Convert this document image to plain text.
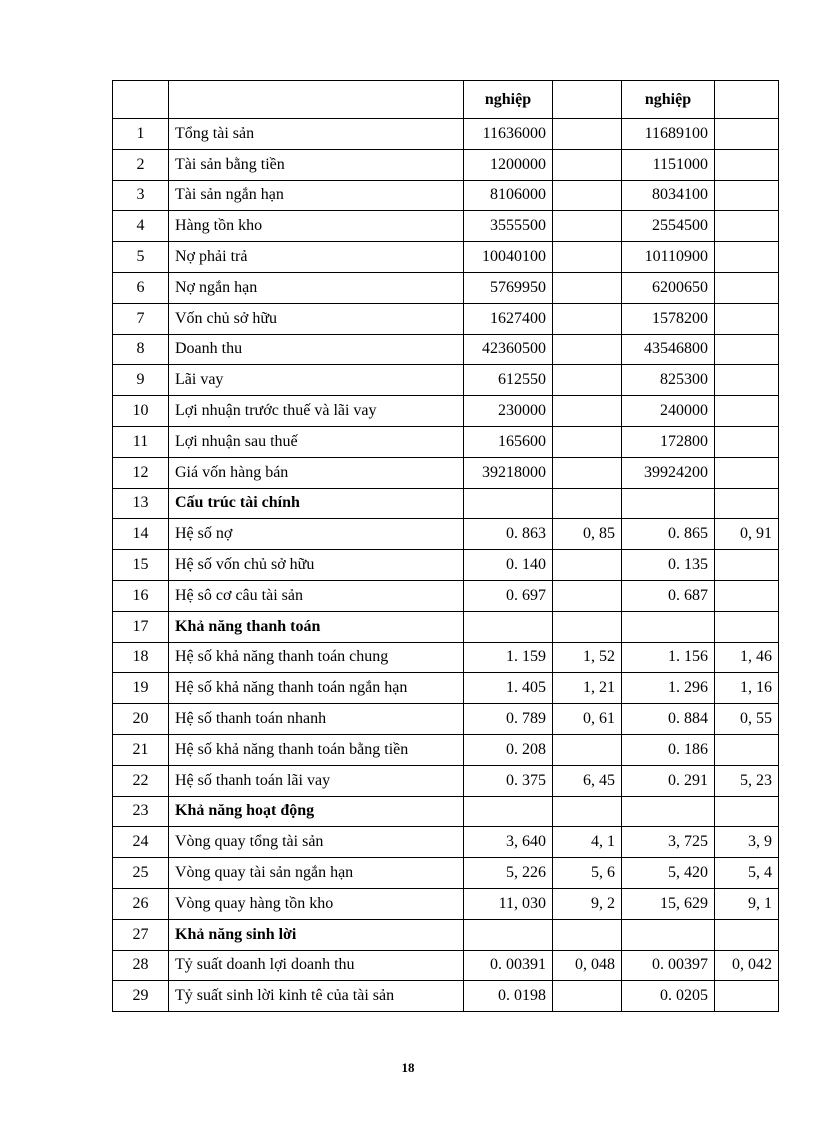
		nghiệp		nghiệp	
1	Tổng tài sản	11636000		11689100	
2	Tài sản bằng tiền	1200000		1151000	
3	Tài sản ngắn hạn	8106000		8034100	
4	Hàng tồn kho	3555500		2554500	
5	Nợ phải trả	10040100		10110900	
6	Nợ ngắn hạn	5769950		6200650	
7	Vốn chủ sở hữu	1627400		1578200	
8	Doanh thu	42360500		43546800	
9	Lãi vay	612550		825300	
10	Lợi nhuận trước thuế và lãi vay	230000		240000	
11	Lợi nhuận sau thuế	165600		172800	
12	Giá vốn hàng bán	39218000		39924200	
13	Cấu trúc tài chính				
14	Hệ số nợ	0. 863	0, 85	0. 865	0, 91
15	Hệ số vốn chủ sở hữu	0. 140		0. 135	
16	Hệ sô cơ câu tài sản	0. 697		0. 687	
17	Khả năng thanh toán				
18	Hệ số khả năng thanh toán chung	1. 159	1, 52	1. 156	1, 46
19	Hệ số khả năng thanh toán ngắn hạn	1. 405	1, 21	1. 296	1, 16
20	Hệ số thanh toán nhanh	0. 789	0, 61	0. 884	0, 55
21	Hệ số khả năng thanh toán bằng tiền	0. 208		0. 186	
22	Hệ số thanh toán lãi vay	0. 375	6, 45	0. 291	5, 23
23	Khả năng hoạt động				
24	Vòng quay tổng tài sản	3, 640	4, 1	3, 725	3, 9
25	Vòng quay tài sản ngắn hạn	5, 226	5, 6	5, 420	5, 4
26	Vòng quay hàng tồn kho	11, 030	9, 2	15, 629	9, 1
27	Khả năng sinh lời				
28	Tỷ suất doanh lợi doanh thu	0. 00391	0, 048	0. 00397	0, 042
29	Tỷ suất sinh lời kinh tê của tài sản	0. 0198		0. 0205	
18
